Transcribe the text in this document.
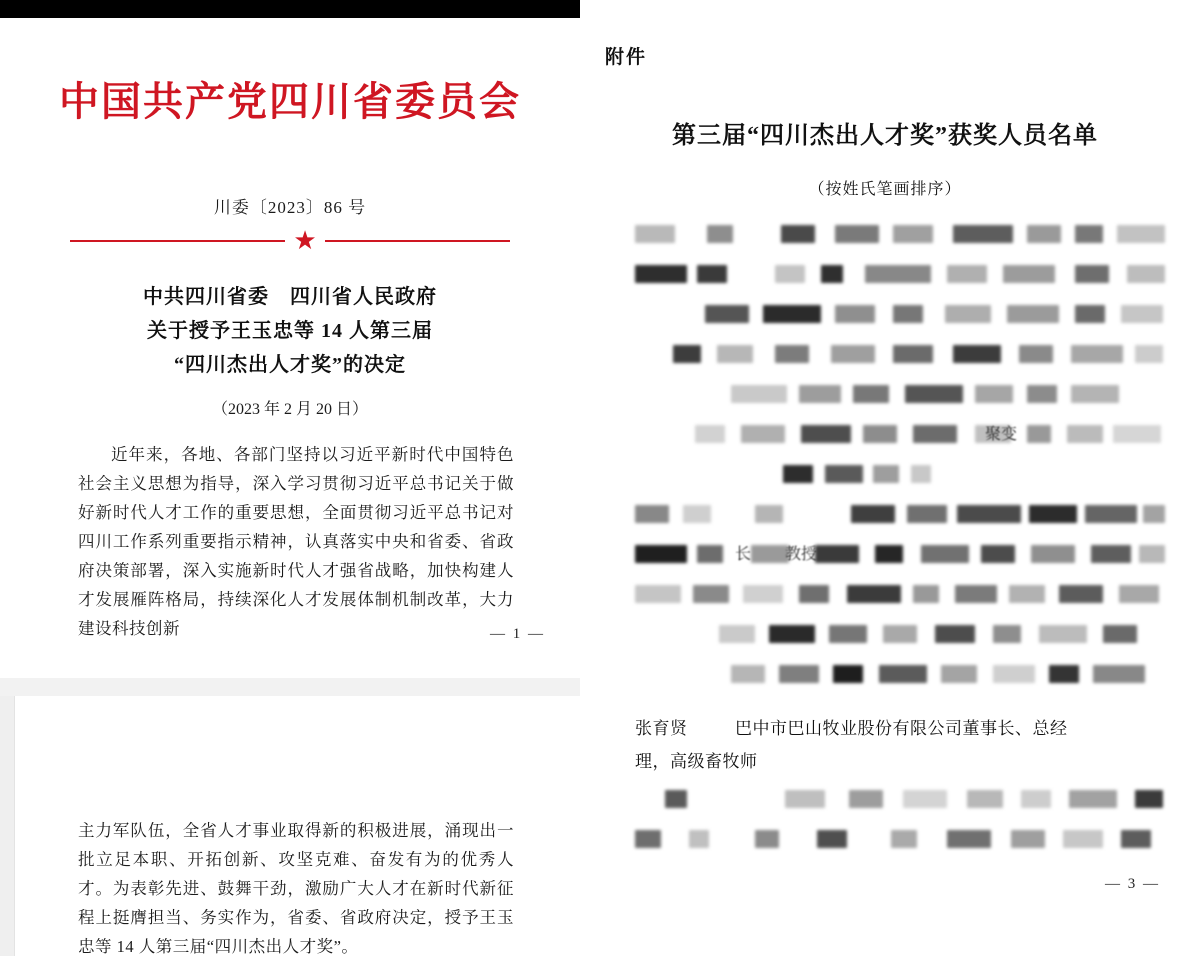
中国共产党四川省委员会
川委〔2023〕86 号
★
中共四川省委　四川省人民政府
关于授予王玉忠等 14 人第三届
“四川杰出人才奖”的决定
（2023 年 2 月 20 日）

近年来，各地、各部门坚持以习近平新时代中国特色社会主义思想为指导，深入学习贯彻习近平总书记关于做好新时代人才工作的重要思想，全面贯彻习近平总书记对四川工作系列重要指示精神，认真落实中央和省委、省政府决策部署，深入实施新时代人才强省战略，加快构建人才发展雁阵格局，持续深化人才发展体制机制改革，大力建设科技创新	— 1 —

主力军队伍，全省人才事业取得新的积极进展，涌现出一批立足本职、开拓创新、攻坚克难、奋发有为的优秀人才。为表彰先进、鼓舞干劲，激励广大人才在新时代新征程上挺膺担当、务实作为，省委、省政府决定，授予王玉忠等 14 人第三届“四川杰出人才奖”。

附件
第三届“四川杰出人才奖”获奖人员名单
（按姓氏笔画排序）
聚变
长 教授
张育贤	巴中市巴山牧业股份有限公司董事长、总经
理，高级畜牧师
— 3 —
